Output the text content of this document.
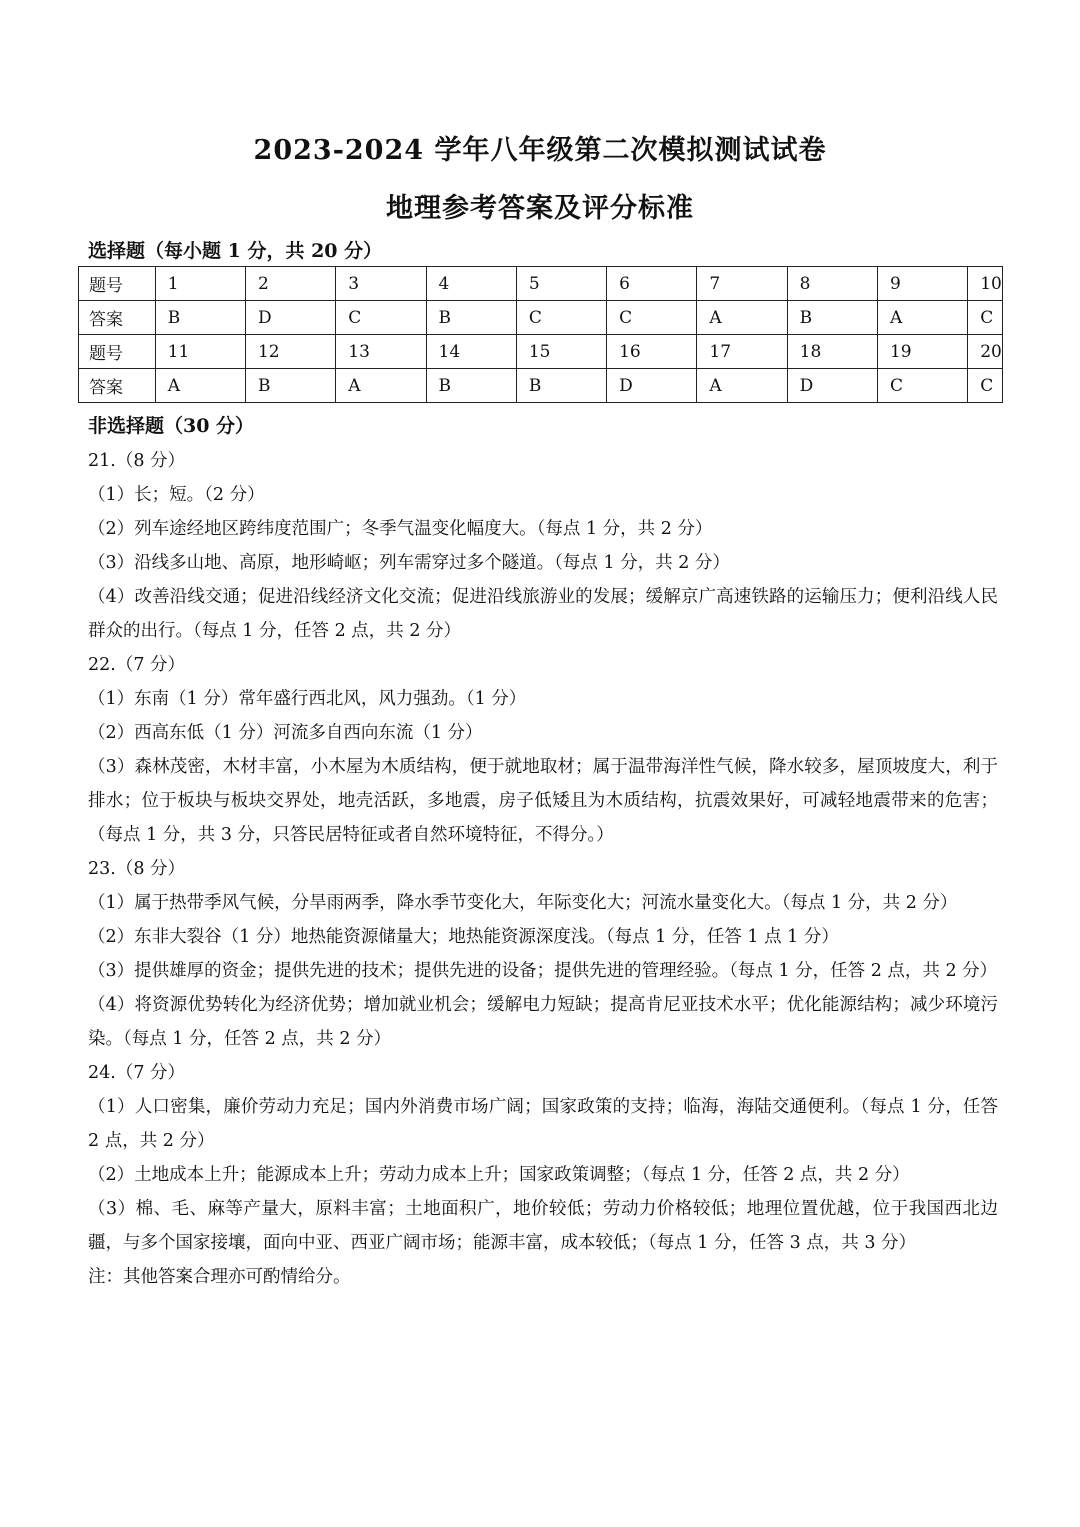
2023-2024 学年八年级第二次模拟测试试卷
地理参考答案及评分标准
选择题（每小题 1 分，共 20 分）
题号	1	2	3	4	5	6	7	8	9	10
答案	B	D	C	B	C	C	A	B	A	C
题号	11	12	13	14	15	16	17	18	19	20
答案	A	B	A	B	B	D	A	D	C	C
非选择题（30 分）

21.（8 分）

（1）长；短。（2 分）

（2）列车途经地区跨纬度范围广；冬季气温变化幅度大。（每点 1 分，共 2 分）

（3）沿线多山地、高原，地形崎岖；列车需穿过多个隧道。（每点 1 分，共 2 分）

（4）改善沿线交通；促进沿线经济文化交流；促进沿线旅游业的发展；缓解京广高速铁路的运输压力；便利沿线人民群众的出行。（每点 1 分，任答 2 点，共 2 分）

22.（7 分）

（1）东南（1 分）常年盛行西北风，风力强劲。（1 分）

（2）西高东低（1 分）河流多自西向东流（1 分）

（3）森林茂密，木材丰富，小木屋为木质结构，便于就地取材；属于温带海洋性气候，降水较多，屋顶坡度大，利于排水；位于板块与板块交界处，地壳活跃，多地震，房子低矮且为木质结构，抗震效果好，可减轻地震带来的危害；（每点 1 分，共 3 分，只答民居特征或者自然环境特征，不得分。）

23.（8 分）

（1）属于热带季风气候，分旱雨两季，降水季节变化大，年际变化大；河流水量变化大。（每点 1 分，共 2 分）

（2）东非大裂谷（1 分）地热能资源储量大；地热能资源深度浅。（每点 1 分，任答 1 点 1 分）

（3）提供雄厚的资金；提供先进的技术；提供先进的设备；提供先进的管理经验。（每点 1 分，任答 2 点，共 2 分）

（4）将资源优势转化为经济优势；增加就业机会；缓解电力短缺；提高肯尼亚技术水平；优化能源结构；减少环境污染。（每点 1 分，任答 2 点，共 2 分）

24.（7 分）

（1）人口密集，廉价劳动力充足；国内外消费市场广阔；国家政策的支持；临海，海陆交通便利。（每点 1 分，任答 2 点，共 2 分）

（2）土地成本上升；能源成本上升；劳动力成本上升；国家政策调整；（每点 1 分，任答 2 点，共 2 分）

（3）棉、毛、麻等产量大，原料丰富；土地面积广，地价较低；劳动力价格较低；地理位置优越，位于我国西北边疆，与多个国家接壤，面向中亚、西亚广阔市场；能源丰富，成本较低；（每点 1 分，任答 3 点，共 3 分）

注：其他答案合理亦可酌情给分。
